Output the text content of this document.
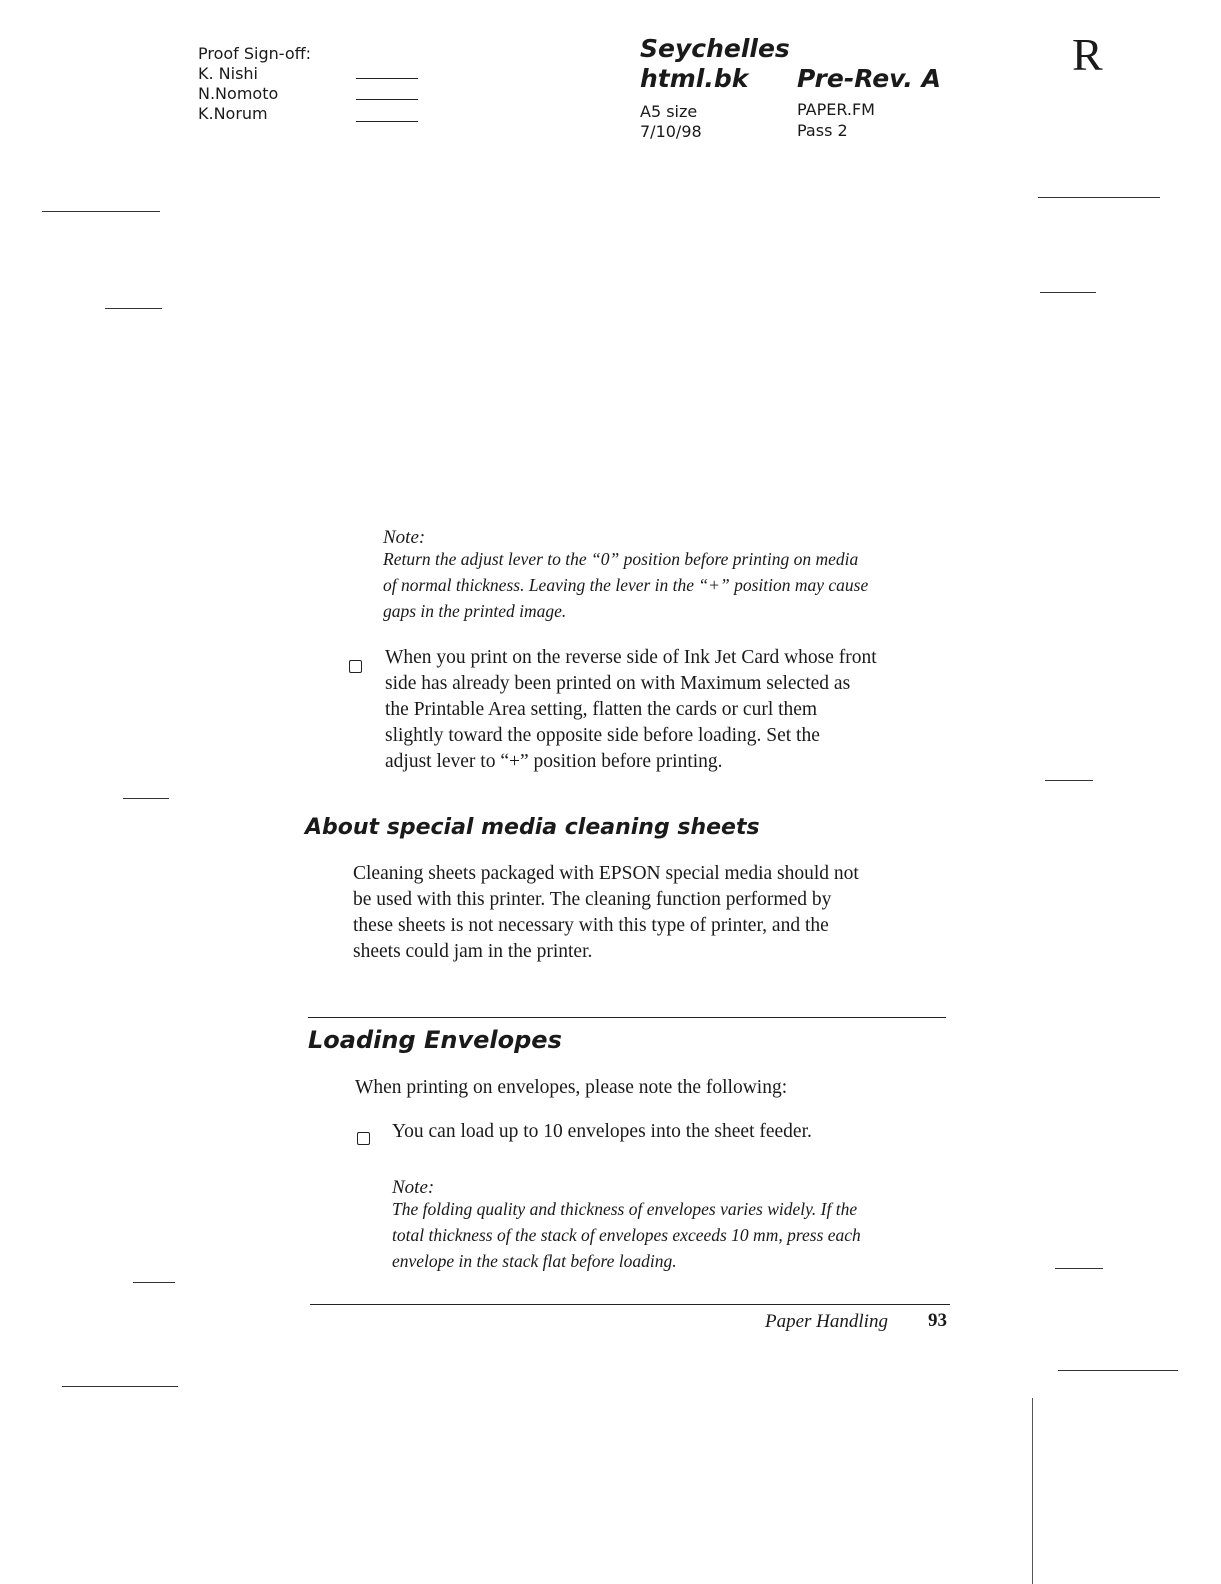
Proof Sign-off:
K. Nishi
N.Nomoto
K.Norum
Seychelles
html.bk Pre-Rev. A
A5 size
7/10/98
PAPER.FM
Pass 2
R
Note:
Return the adjust lever to the “0” position before printing on media
of normal thickness. Leaving the lever in the “+” position may cause
gaps in the printed image.
When you print on the reverse side of Ink Jet Card whose front
side has already been printed on with Maximum selected as
the Printable Area setting, flatten the cards or curl them
slightly toward the opposite side before loading. Set the
adjust lever to “+” position before printing.
About special media cleaning sheets
Cleaning sheets packaged with EPSON special media should not
be used with this printer. The cleaning function performed by
these sheets is not necessary with this type of printer, and the
sheets could jam in the printer.
Loading Envelopes
When printing on envelopes, please note the following:
You can load up to 10 envelopes into the sheet feeder.
Note:
The folding quality and thickness of envelopes varies widely. If the
total thickness of the stack of envelopes exceeds 10 mm, press each
envelope in the stack flat before loading.
Paper Handling 93
